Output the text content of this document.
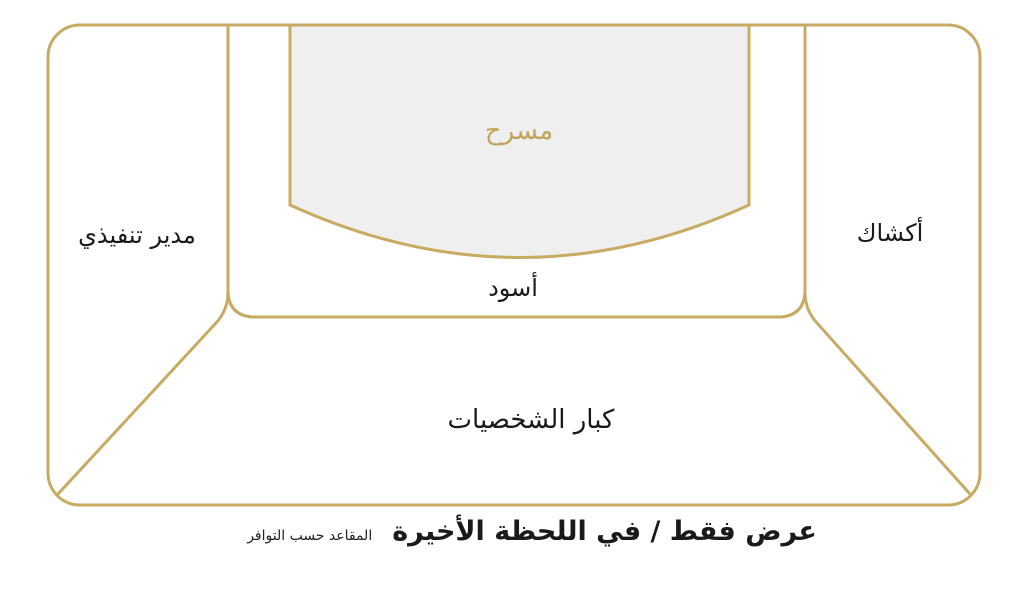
مسرح
مدير تنفيذي	أكشاك
أسود
كبار الشخصيات
عرض فقط / في اللحظة الأخيرة
المقاعد حسب التوافر
